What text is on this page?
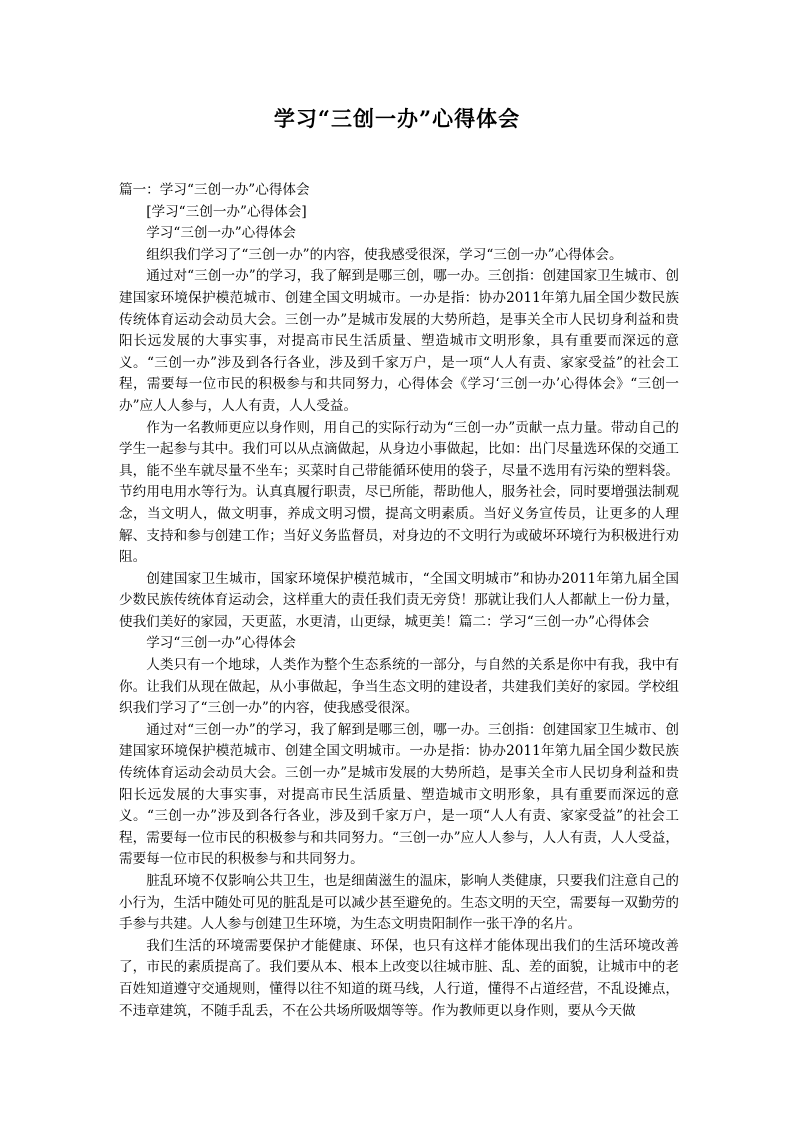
学习“三创一办”心得体会

篇一：学习“三创一办”心得体会

[学习“三创一办”心得体会]

学习“三创一办”心得体会

组织我们学习了“三创一办”的内容，使我感受很深，学习“三创一办”心得体会。

通过对“三创一办”的学习，我了解到是哪三创，哪一办。三创指：创建国家卫生城市、创建国家环境保护模范城市、创建全国文明城市。一办是指：协办2011年第九届全国少数民族传统体育运动会动员大会。三创一办”是城市发展的大势所趋，是事关全市人民切身利益和贵阳长远发展的大事实事，对提高市民生活质量、塑造城市文明形象，具有重要而深远的意义。“三创一办”涉及到各行各业，涉及到千家万户，是一项“人人有责、家家受益”的社会工程，需要每一位市民的积极参与和共同努力，心得体会《学习‘三创一办’心得体会》“三创一办”应人人参与，人人有责，人人受益。

作为一名教师更应以身作则，用自己的实际行动为“三创一办”贡献一点力量。带动自己的学生一起参与其中。我们可以从点滴做起，从身边小事做起，比如：出门尽量选环保的交通工具，能不坐车就尽量不坐车；买菜时自己带能循环使用的袋子，尽量不选用有污染的塑料袋。节约用电用水等行为。认真真履行职责，尽已所能，帮助他人，服务社会，同时要增强法制观念，当文明人，做文明事，养成文明习惯，提高文明素质。当好义务宣传员，让更多的人理解、支持和参与创建工作；当好义务监督员，对身边的不文明行为或破坏环境行为积极进行劝阻。

创建国家卫生城市，国家环境保护模范城市，“全国文明城市”和协办2011年第九届全国少数民族传统体育运动会，这样重大的责任我们责无旁贷！那就让我们人人都献上一份力量，使我们美好的家园，天更蓝，水更清，山更绿，城更美！篇二：学习“三创一办”心得体会

学习“三创一办”心得体会

人类只有一个地球，人类作为整个生态系统的一部分，与自然的关系是你中有我，我中有你。让我们从现在做起，从小事做起，争当生态文明的建设者，共建我们美好的家园。学校组织我们学习了“三创一办”的内容，使我感受很深。

通过对“三创一办”的学习，我了解到是哪三创，哪一办。三创指：创建国家卫生城市、创建国家环境保护模范城市、创建全国文明城市。一办是指：协办2011年第九届全国少数民族传统体育运动会动员大会。三创一办”是城市发展的大势所趋，是事关全市人民切身利益和贵阳长远发展的大事实事，对提高市民生活质量、塑造城市文明形象，具有重要而深远的意义。“三创一办”涉及到各行各业，涉及到千家万户，是一项“人人有责、家家受益”的社会工程，需要每一位市民的积极参与和共同努力。“三创一办”应人人参与，人人有责，人人受益，需要每一位市民的积极参与和共同努力。

脏乱环境不仅影响公共卫生，也是细菌滋生的温床，影响人类健康，只要我们注意自己的小行为，生活中随处可见的脏乱是可以减少甚至避免的。生态文明的天空，需要每一双勤劳的手参与共建。人人参与创建卫生环境，为生态文明贵阳制作一张干净的名片。

我们生活的环境需要保护才能健康、环保，也只有这样才能体现出我们的生活环境改善了，市民的素质提高了。我们要从本、根本上改变以往城市脏、乱、差的面貌，让城市中的老百姓知道遵守交通规则，懂得以往不知道的斑马线，人行道，懂得不占道经营，不乱设摊点，不违章建筑，不随手乱丢，不在公共场所吸烟等等。作为教师更以身作则，要从今天做
